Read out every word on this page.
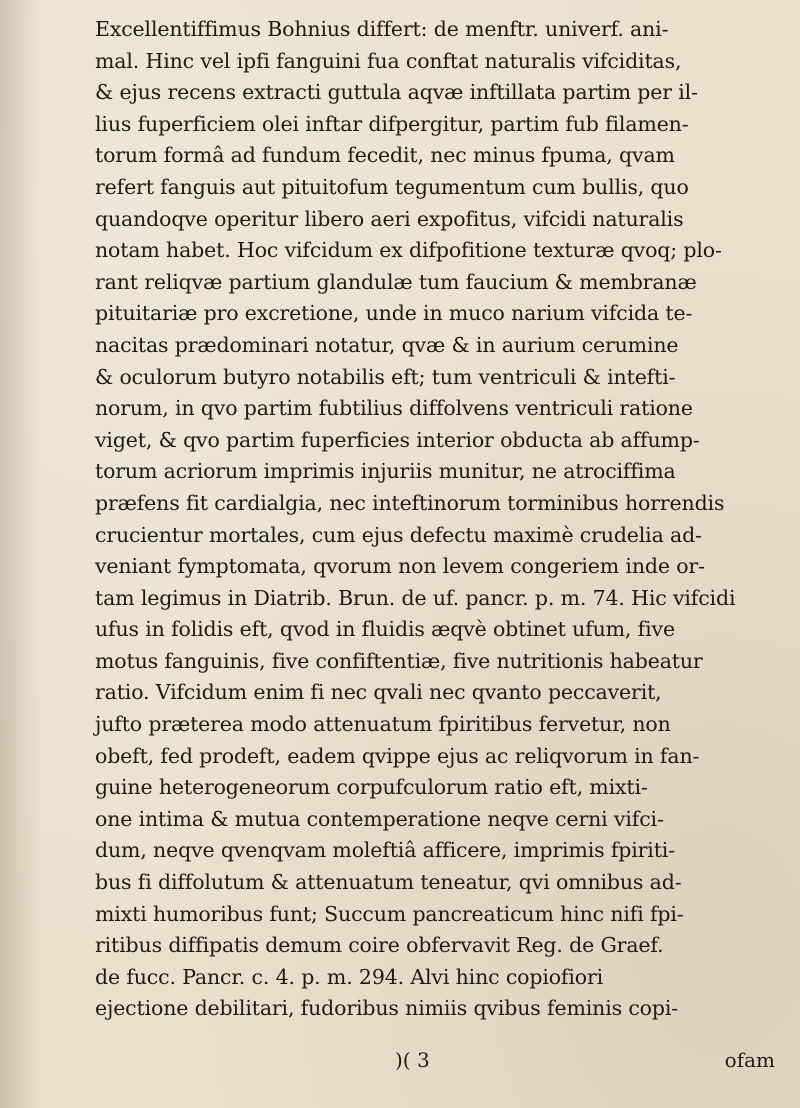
Excellentiffimus Bohnius differt: de menftr. univerf. ani-
mal. Hinc vel ipfi fanguini fua conftat naturalis vifciditas,
& ejus recens extracti guttula aqvæ inftillata partim per il-
lius fuperficiem olei inftar difpergitur, partim fub filamen-
torum formâ ad fundum fecedit, nec minus fpuma, qvam
refert fanguis aut pituitofum tegumentum cum bullis, quo
quandoqve operitur libero aeri expofitus, vifcidi naturalis
notam habet. Hoc vifcidum ex difpofitione texturæ qvoq; plo-
rant reliqvæ partium glandulæ tum faucium & membranæ
pituitariæ pro excretione, unde in muco narium vifcida te-
nacitas prædominari notatur, qvæ & in aurium cerumine
& oculorum butyro notabilis eft; tum ventriculi & intefti-
norum, in qvo partim fubtilius diffolvens ventriculi ratione
viget, & qvo partim fuperficies interior obducta ab affump-
torum acriorum imprimis injuriis munitur, ne atrociffima
præfens fit cardialgia, nec inteftinorum torminibus horrendis
crucientur mortales, cum ejus defectu maximè crudelia ad-
veniant fymptomata, qvorum non levem congeriem inde or-
tam legimus in Diatrib. Brun. de uf. pancr. p. m. 74. Hic vifcidi
ufus in folidis eft, qvod in fluidis æqvè obtinet ufum, five
motus fanguinis, five confiftentiæ, five nutritionis habeatur
ratio. Vifcidum enim fi nec qvali nec qvanto peccaverit,
jufto præterea modo attenuatum fpiritibus fervetur, non
obeft, fed prodeft, eadem qvippe ejus ac reliqvorum in fan-
guine heterogeneorum corpufculorum ratio eft, mixti-
one intima & mutua contemperatione neqve cerni vifci-
dum, neqve qvenqvam moleftiâ afficere, imprimis fpiriti-
bus fi diffolutum & attenuatum teneatur, qvi omnibus ad-
mixti humoribus funt; Succum pancreaticum hinc nifi fpi-
ritibus diffipatis demum coire obfervavit Reg. de Graef.
de fucc. Pancr. c. 4. p. m. 294. Alvi hinc copiofiori
ejectione debilitari, fudoribus nimiis qvibus feminis copi-
)( 3	ofam
